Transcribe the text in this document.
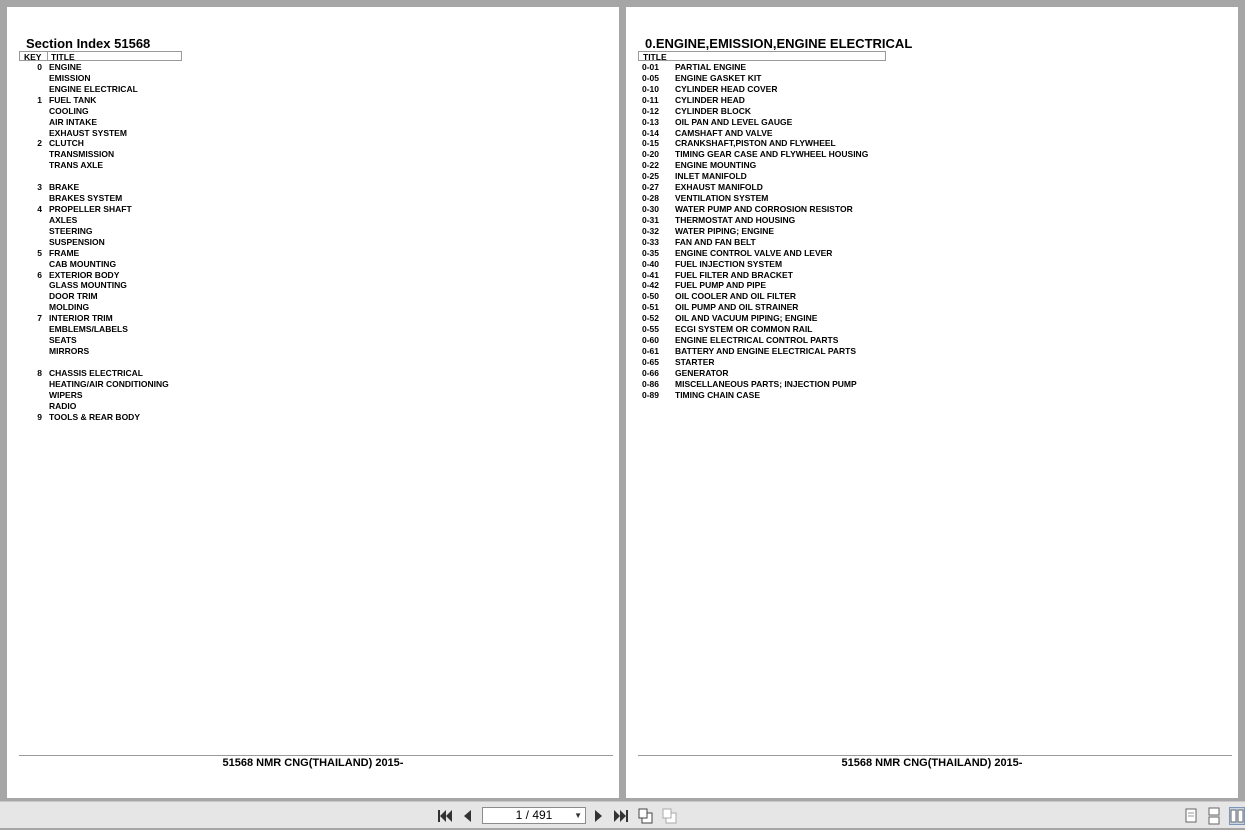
Section Index 51568
KEY TITLE
0 ENGINE
EMISSION
ENGINE ELECTRICAL
1 FUEL TANK
COOLING
AIR INTAKE
EXHAUST SYSTEM
2 CLUTCH
TRANSMISSION
TRANS AXLE
3 BRAKE
BRAKES SYSTEM
4 PROPELLER SHAFT
AXLES
STEERING
SUSPENSION
5 FRAME
CAB MOUNTING
6 EXTERIOR BODY
GLASS MOUNTING
DOOR TRIM
MOLDING
7 INTERIOR TRIM
EMBLEMS/LABELS
SEATS
MIRRORS
8 CHASSIS ELECTRICAL
HEATING/AIR CONDITIONING
WIPERS
RADIO
9 TOOLS & REAR BODY
51568 NMR CNG(THAILAND) 2015-
0.ENGINE,EMISSION,ENGINE ELECTRICAL
TITLE
0-01 PARTIAL ENGINE
0-05 ENGINE GASKET KIT
0-10 CYLINDER HEAD COVER
0-11 CYLINDER HEAD
0-12 CYLINDER BLOCK
0-13 OIL PAN AND LEVEL GAUGE
0-14 CAMSHAFT AND VALVE
0-15 CRANKSHAFT,PISTON AND FLYWHEEL
0-20 TIMING GEAR CASE AND FLYWHEEL HOUSING
0-22 ENGINE MOUNTING
0-25 INLET MANIFOLD
0-27 EXHAUST MANIFOLD
0-28 VENTILATION SYSTEM
0-30 WATER PUMP AND CORROSION RESISTOR
0-31 THERMOSTAT AND HOUSING
0-32 WATER PIPING; ENGINE
0-33 FAN AND FAN BELT
0-35 ENGINE CONTROL VALVE AND LEVER
0-40 FUEL INJECTION SYSTEM
0-41 FUEL FILTER AND BRACKET
0-42 FUEL PUMP AND PIPE
0-50 OIL COOLER AND OIL FILTER
0-51 OIL PUMP AND OIL STRAINER
0-52 OIL AND VACUUM PIPING; ENGINE
0-55 ECGI SYSTEM OR COMMON RAIL
0-60 ENGINE ELECTRICAL CONTROL PARTS
0-61 BATTERY AND ENGINE ELECTRICAL PARTS
0-65 STARTER
0-66 GENERATOR
0-86 MISCELLANEOUS PARTS; INJECTION PUMP
0-89 TIMING CHAIN CASE
51568 NMR CNG(THAILAND) 2015-
1 / 491	▼
